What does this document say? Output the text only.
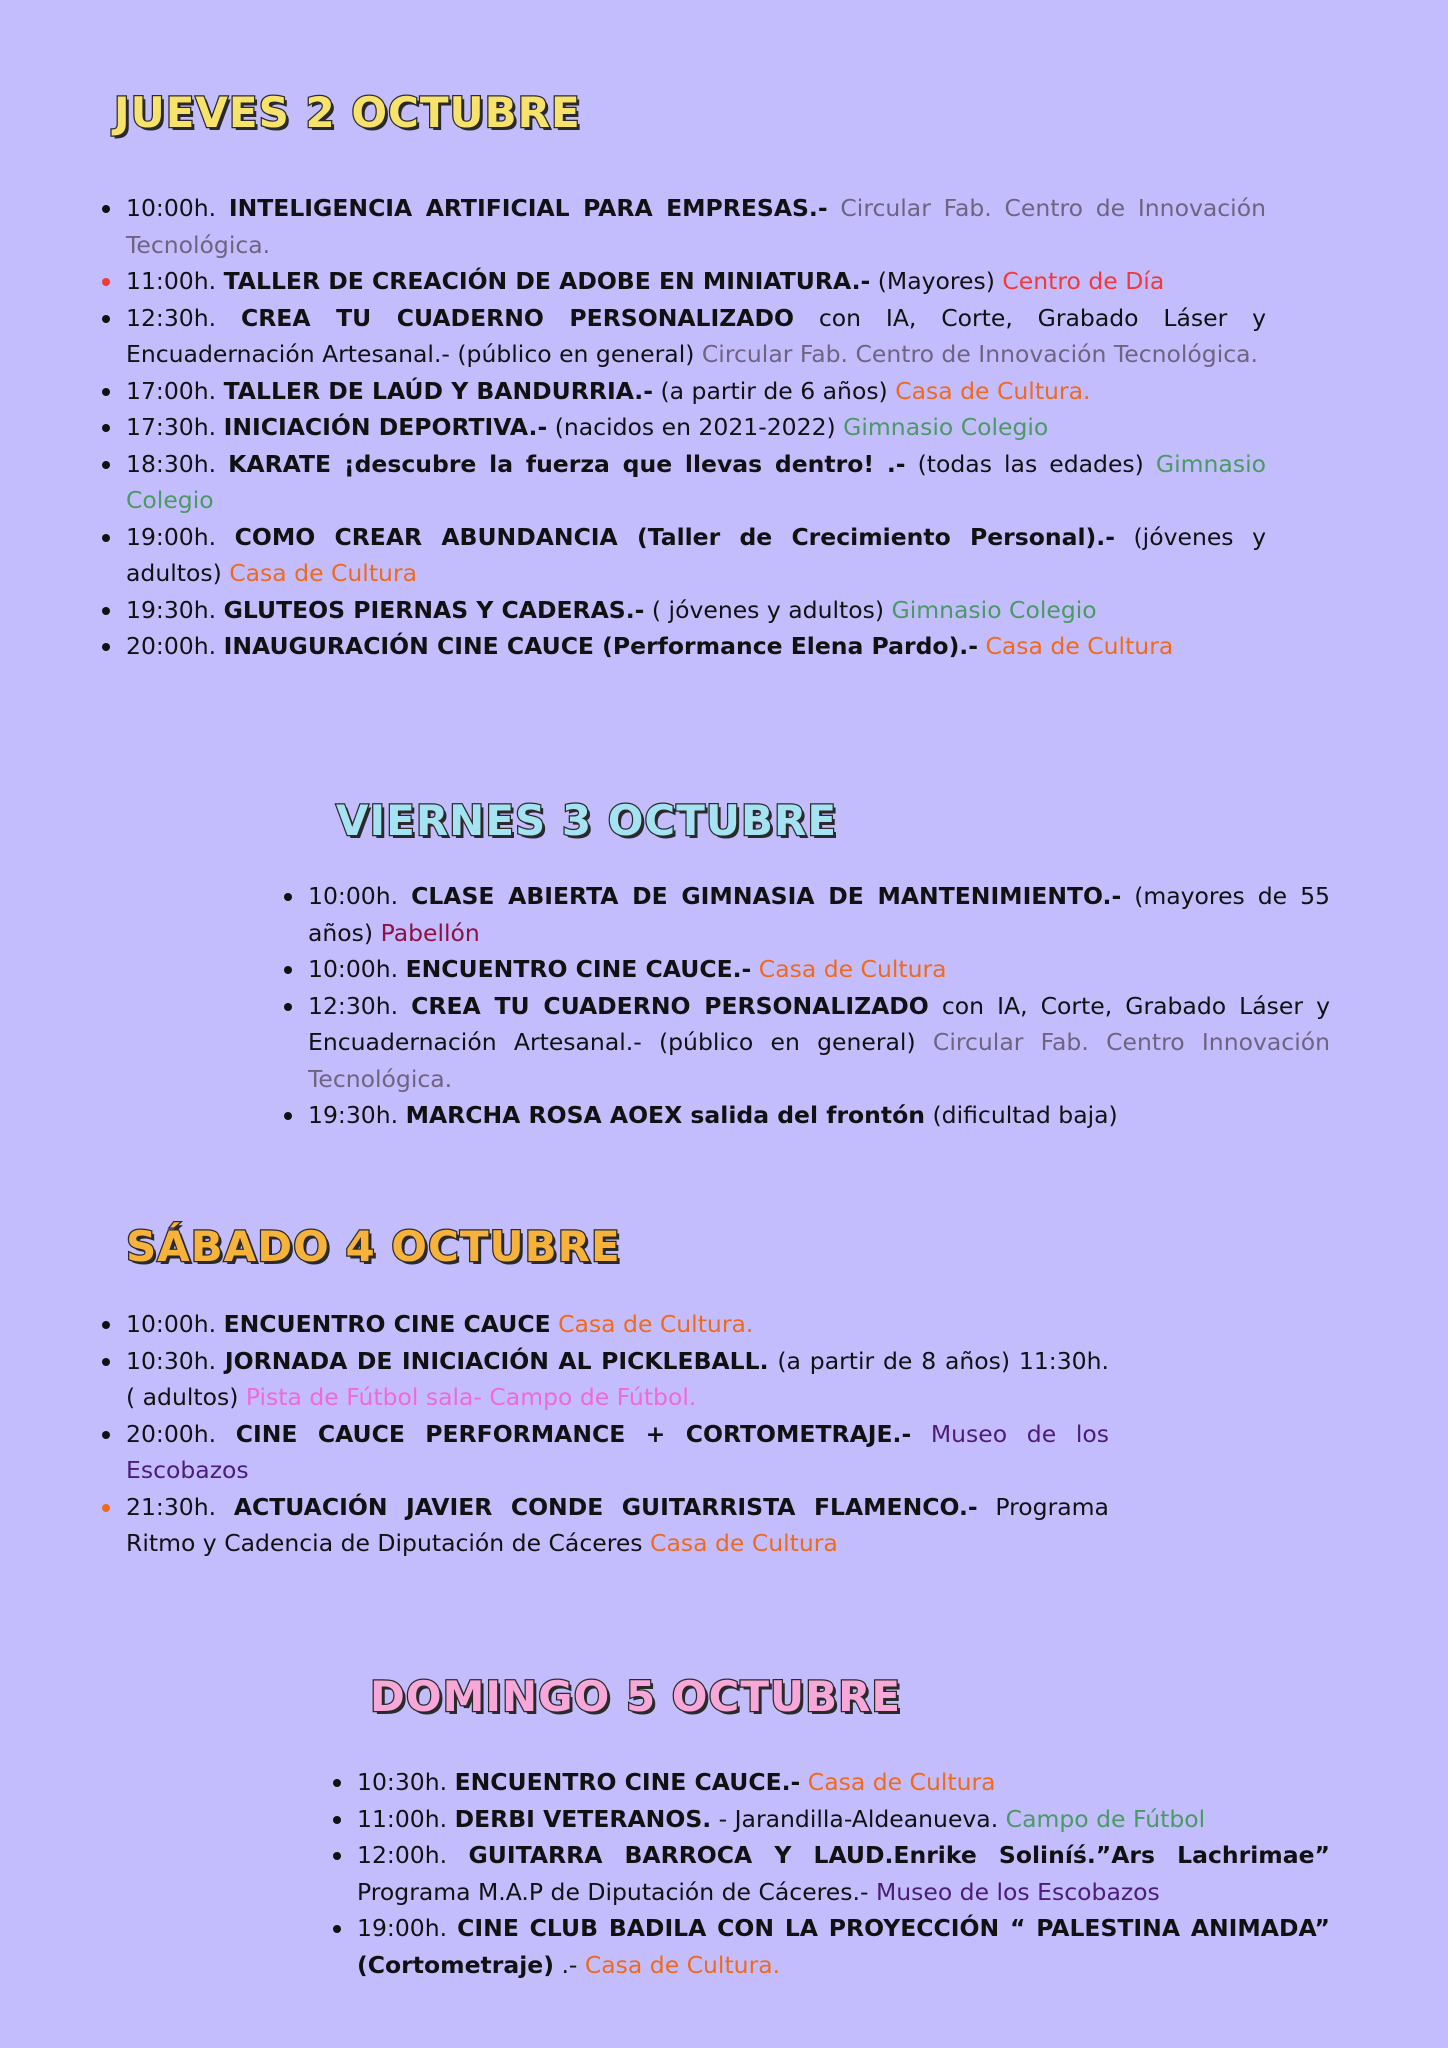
JUEVES 2 OCTUBRE
10:00h. INTELIGENCIA ARTIFICIAL PARA EMPRESAS.- Circular Fab. Centro de Innovación Tecnológica.
11:00h. TALLER DE CREACIÓN DE ADOBE EN MINIATURA.- (Mayores) Centro de Día
12:30h. CREA TU CUADERNO PERSONALIZADO con IA, Corte, Grabado Láser y Encuadernación Artesanal.- (público en general) Circular Fab. Centro de Innovación Tecnológica.
17:00h. TALLER DE LAÚD Y BANDURRIA.- (a partir de 6 años) Casa de Cultura.
17:30h. INICIACIÓN DEPORTIVA.- (nacidos en 2021-2022) Gimnasio Colegio
18:30h. KARATE ¡descubre la fuerza que llevas dentro! .- (todas las edades) Gimnasio Colegio
19:00h. COMO CREAR ABUNDANCIA (Taller de Crecimiento Personal).- (jóvenes y adultos) Casa de Cultura
19:30h. GLUTEOS PIERNAS Y CADERAS.- ( jóvenes y adultos) Gimnasio Colegio
20:00h. INAUGURACIÓN CINE CAUCE (Performance Elena Pardo).- Casa de Cultura
VIERNES 3 OCTUBRE
10:00h. CLASE ABIERTA DE GIMNASIA DE MANTENIMIENTO.- (mayores de 55 años) Pabellón
10:00h. ENCUENTRO CINE CAUCE.- Casa de Cultura
12:30h. CREA TU CUADERNO PERSONALIZADO con IA, Corte, Grabado Láser y Encuadernación Artesanal.- (público en general) Circular Fab. Centro Innovación Tecnológica.
19:30h. MARCHA ROSA AOEX salida del frontón (dificultad baja)
SÁBADO 4 OCTUBRE
10:00h. ENCUENTRO CINE CAUCE Casa de Cultura.
10:30h. JORNADA DE INICIACIÓN AL PICKLEBALL. (a partir de 8 años) 11:30h. ( adultos) Pista de Fútbol sala- Campo de Fútbol.
20:00h. CINE CAUCE PERFORMANCE + CORTOMETRAJE.- Museo de los Escobazos
21:30h. ACTUACIÓN JAVIER CONDE GUITARRISTA FLAMENCO.- Programa Ritmo y Cadencia de Diputación de Cáceres Casa de Cultura
DOMINGO 5 OCTUBRE
10:30h. ENCUENTRO CINE CAUCE.- Casa de Cultura
11:00h. DERBI VETERANOS. - Jarandilla-Aldeanueva. Campo de Fútbol
12:00h. GUITARRA BARROCA Y LAUD.Enrike Soliníś.”Ars Lachrimae” Programa M.A.P de Diputación de Cáceres.- Museo de los Escobazos
19:00h. CINE CLUB BADILA CON LA PROYECCIÓN “ PALESTINA ANIMADA” (Cortometraje) .- Casa de Cultura.
